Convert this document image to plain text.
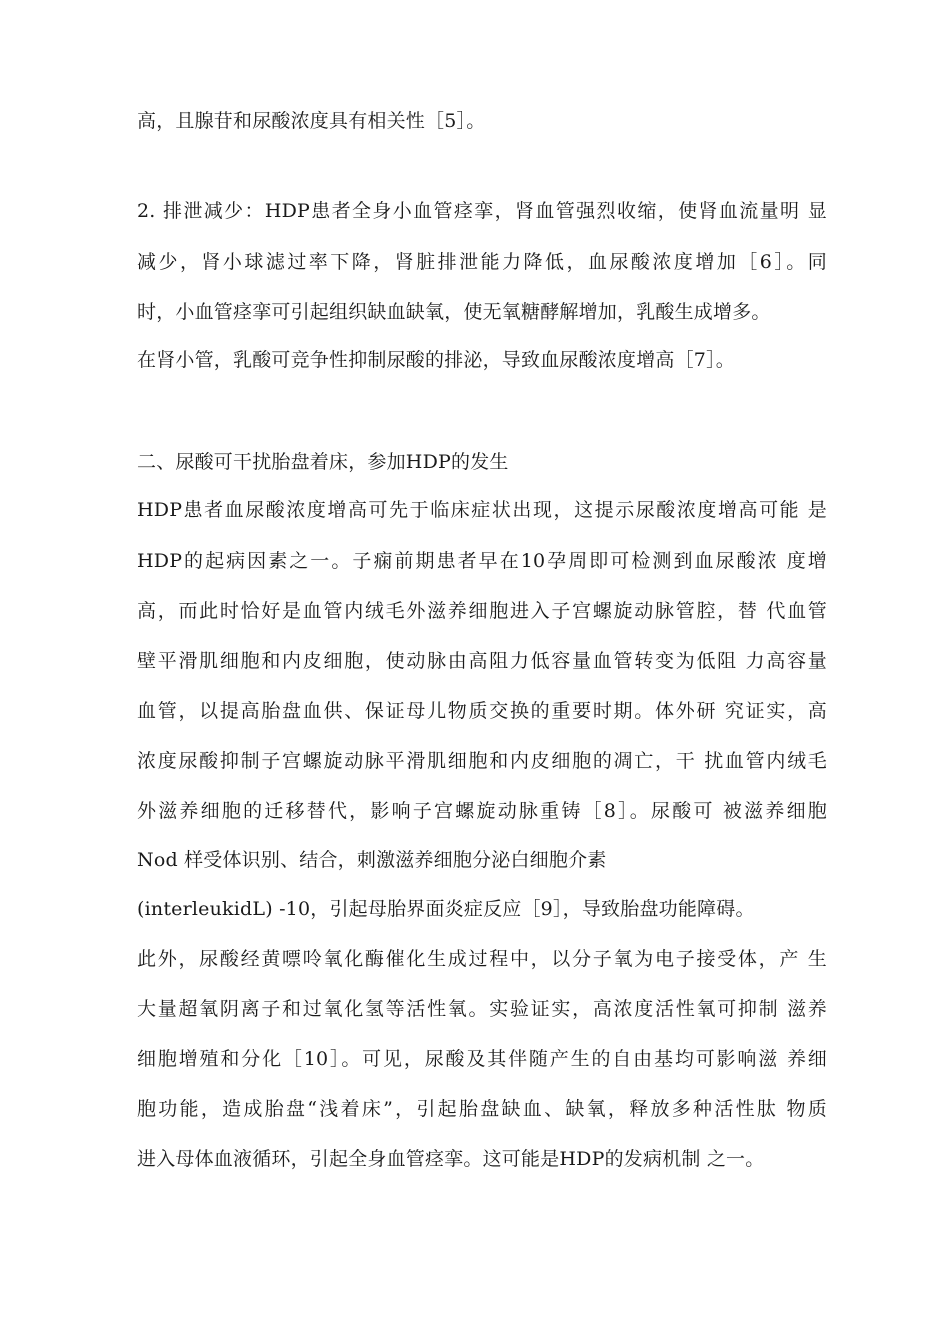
高，且腺苷和尿酸浓度具有相关性［5］。
2. 排泄减少：HDP患者全身小血管痉挛，肾血管强烈收缩，使肾血流量明 显
减少，肾小球滤过率下降，肾脏排泄能力降低，血尿酸浓度增加［6］。同
时，小血管痉挛可引起组织缺血缺氧，使无氧糖酵解增加，乳酸生成增多。
在肾小管，乳酸可竞争性抑制尿酸的排泌，导致血尿酸浓度增高［7］。
二、尿酸可干扰胎盘着床，参加HDP的发生
HDP患者血尿酸浓度增高可先于临床症状出现，这提示尿酸浓度增高可能 是
HDP的起病因素之一。子痫前期患者早在10孕周即可检测到血尿酸浓 度增
高，而此时恰好是血管内绒毛外滋养细胞进入子宫螺旋动脉管腔，替 代血管
壁平滑肌细胞和内皮细胞，使动脉由高阻力低容量血管转变为低阻 力高容量
血管，以提高胎盘血供、保证母儿物质交换的重要时期。体外研 究证实，高
浓度尿酸抑制子宫螺旋动脉平滑肌细胞和内皮细胞的凋亡，干 扰血管内绒毛
外滋养细胞的迁移替代，影响子宫螺旋动脉重铸［8］。尿酸可 被滋养细胞
Nod 样受体识别、结合，刺激滋养细胞分泌白细胞介素
(interleukidL) -10，引起母胎界面炎症反应［9］，导致胎盘功能障碍。
此外，尿酸经黄嘌呤氧化酶催化生成过程中，以分子氧为电子接受体，产 生
大量超氧阴离子和过氧化氢等活性氧。实验证实，高浓度活性氧可抑制 滋养
细胞增殖和分化［10］。可见，尿酸及其伴随产生的自由基均可影响滋 养细
胞功能，造成胎盘“浅着床”，引起胎盘缺血、缺氧，释放多种活性肽 物质
进入母体血液循环，引起全身血管痉挛。这可能是HDP的发病机制 之一。
